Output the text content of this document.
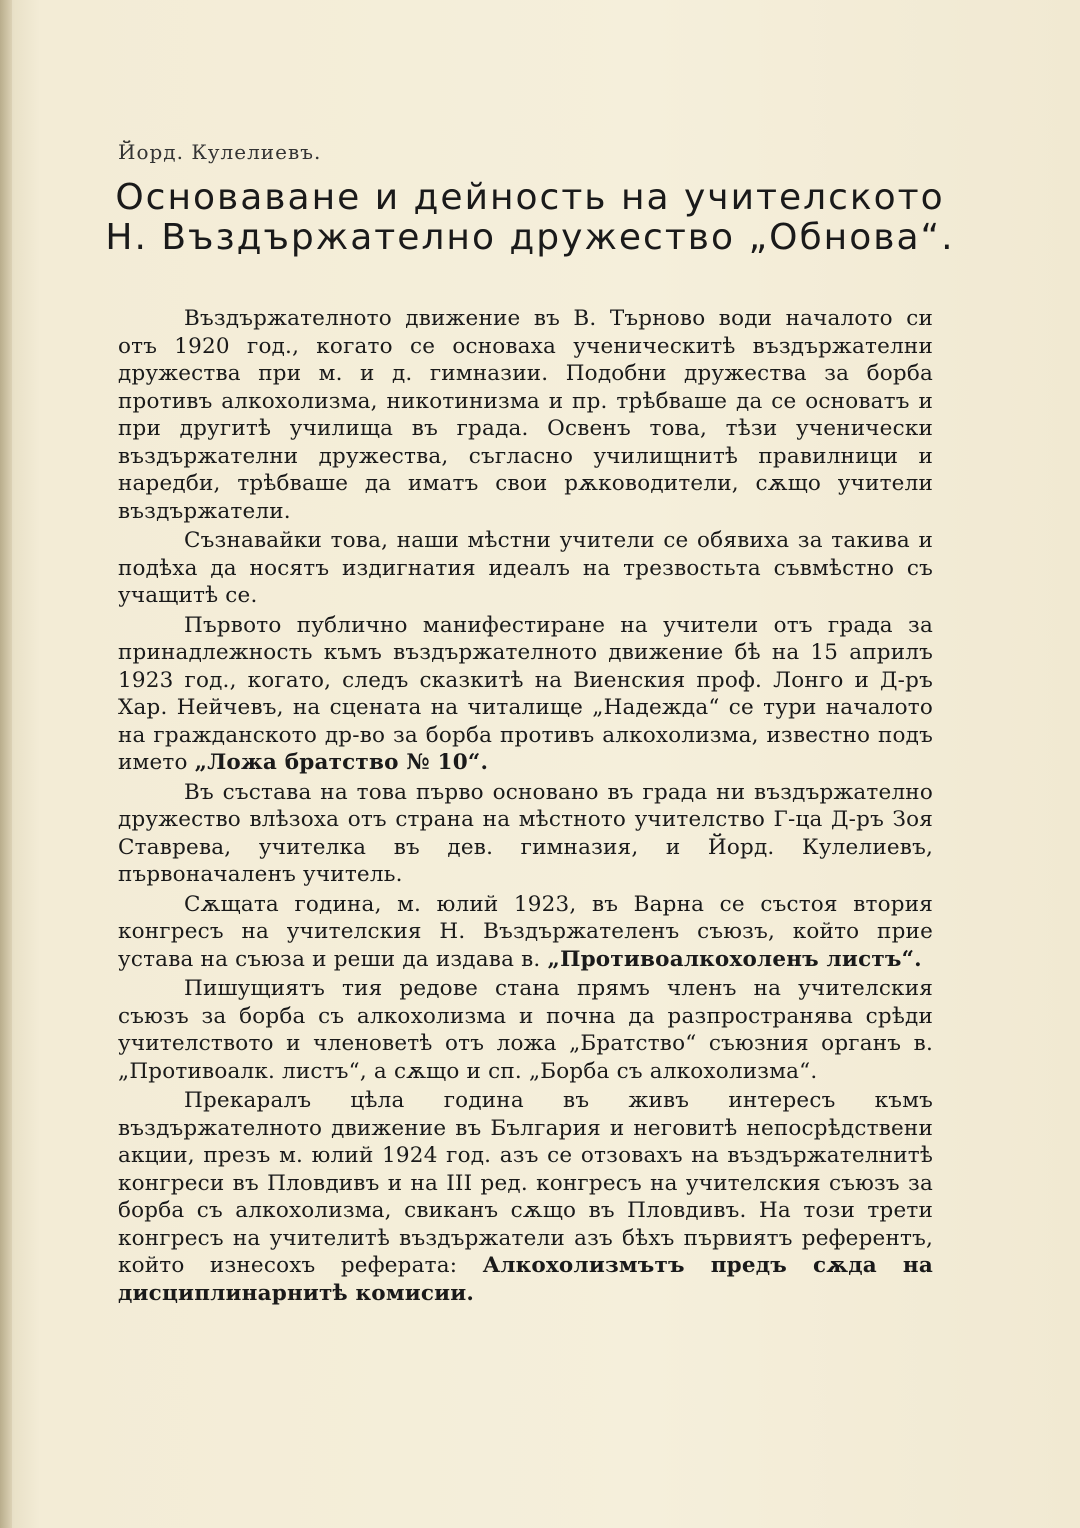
Йорд. Кулелиевъ.
Основаване и дейность на учителското Н. Въздържателно дружество „Обнова“.

Въздържателното движение въ В. Търново води началото си отъ 1920 год., когато се основаха ученическитѣ въздържателни дружества при м. и д. гимназии. Подобни дружества за борба противъ алкохолизма, никотинизма и пр. трѣбваше да се основатъ и при другитѣ училища въ града. Освенъ това, тѣзи ученически въздържателни дружества, съгласно училищнитѣ правилници и наредби, трѣбваше да иматъ свои рѫководители, сѫщо учители въздържатели.

Съзнавайки това, наши мѣстни учители се обявиха за такива и подѣха да носятъ издигнатия идеалъ на трезвостьта съвмѣстно съ учащитѣ се.

Първото публично манифестиране на учители отъ града за принадлежность къмъ въздържателното движение бѣ на 15 априлъ 1923 год., когато, следъ сказкитѣ на Виенския проф. Лонго и Д-ръ Хар. Нейчевъ, на сцената на читалище „Надежда“ се тури началото на гражданското др-во за борба противъ алкохолизма, известно подъ името „Ложа братство № 10“.

Въ състава на това първо основано въ града ни въздържателно дружество влѣзоха отъ страна на мѣстното учителство Г-ца Д-ръ Зоя Ставрева, учителка въ дев. гимназия, и Йорд. Кулелиевъ, първоначаленъ учитель.

Сѫщата година, м. юлий 1923, въ Варна се състоя втория конгресъ на учителския Н. Въздържателенъ съюзъ, който прие устава на съюза и реши да издава в. „Противоалкохоленъ листъ“.

Пишущиятъ тия редове стана прямъ членъ на учителския съюзъ за борба съ алкохолизма и почна да разпространява срѣди учителството и членоветѣ отъ ложа „Братство“ съюзния органъ в. „Противоалк. листъ“, а сѫщо и сп. „Борба съ алкохолизма“.

Прекаралъ цѣла година въ живъ интересъ къмъ въздържателното движение въ България и неговитѣ непосрѣдствени акции, презъ м. юлий 1924 год. азъ се отзовахъ на въздържателнитѣ конгреси въ Пловдивъ и на III ред. конгресъ на учителския съюзъ за борба съ алкохолизма, свиканъ сѫщо въ Пловдивъ. На този трети конгресъ на учителитѣ въздържатели азъ бѣхъ първиятъ референтъ, който изнесохъ реферата: Алкохолизмътъ предъ сѫда на дисциплинарнитѣ комисии.
